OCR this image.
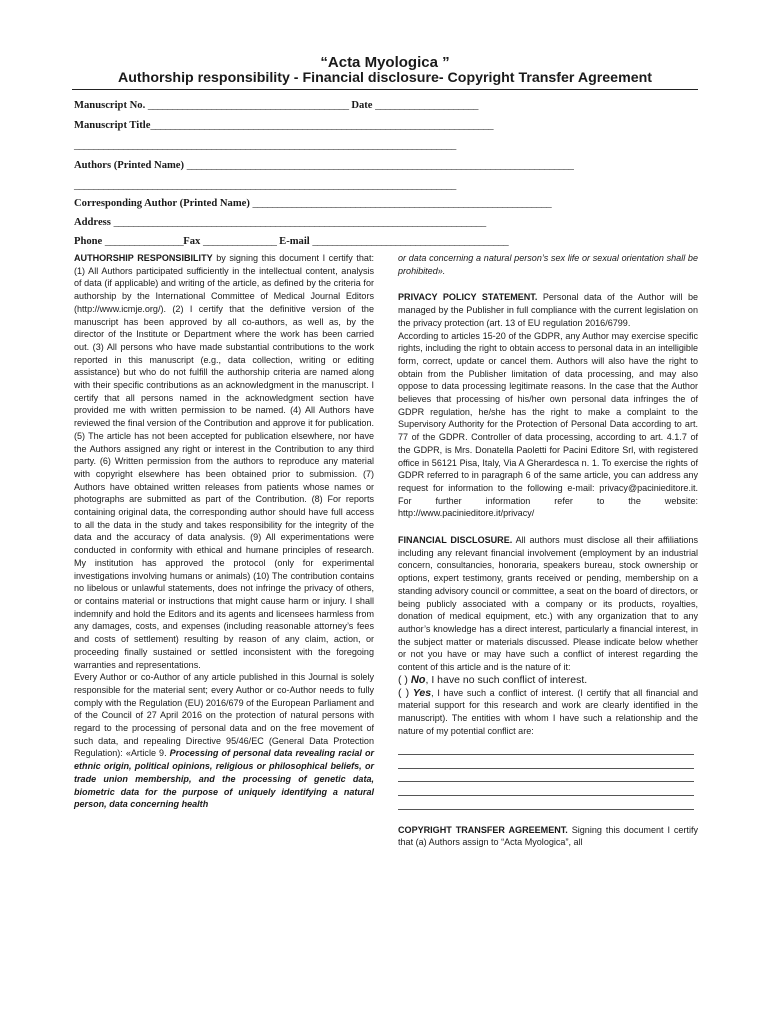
“Acta Myologica ”
Authorship responsibility - Financial disclosure- Copyright Transfer Agreement
Manuscript No. _________________________________________ Date _____________________
Manuscript Title______________________________________________________________________
______________________________________________________________________________
Authors (Printed Name) _______________________________________________________________________________
______________________________________________________________________________
Corresponding Author (Printed Name) _____________________________________________________________
Address ____________________________________________________________________________
Phone ________________Fax _______________ E-mail ________________________________________

AUTHORSHIP RESPONSIBILITY by signing this document I certify that: (1) All Authors participated sufficiently in the intellectual content, analysis of data (if applicable) and writing of the article, as defined by the criteria for authorship by the International Committee of Medical Journal Editors (http://www.icmje.org/). (2) I certify that the definitive version of the manuscript has been approved by all co-authors, as well as, by the director of the Institute or Department where the work has been carried out. (3) All persons who have made substantial contributions to the work reported in this manuscript (e.g., data collection, writing or editing assistance) but who do not fulfill the authorship criteria are named along with their specific contributions as an acknowledgment in the manuscript. I certify that all persons named in the acknowledgment section have provided me with written permission to be named. (4) All Authors have reviewed the final version of the Contribution and approve it for publication. (5) The article has not been accepted for publication elsewhere, nor have the Authors assigned any right or interest in the Contribution to any third party. (6) Written permission from the authors to reproduce any material with copyright elsewhere has been obtained prior to submission. (7) Authors have obtained written releases from patients whose names or photographs are submitted as part of the Contribution. (8) For reports containing original data, the corresponding author should have full access to all the data in the study and takes responsibility for the integrity of the data and the accuracy of data analysis. (9) All experimentations were conducted in conformity with ethical and humane principles of research. My institution has approved the protocol (only for experimental investigations involving humans or animals) (10) The contribution contains no libelous or unlawful statements, does not infringe the privacy of others, or contains material or instructions that might cause harm or injury. I shall indemnify and hold the Editors and its agents and licensees harmless from any damages, costs, and expenses (including reasonable attorney’s fees and costs of settlement) resulting by reason of any claim, action, or proceeding finally sustained or settled inconsistent with the foregoing warranties and representations.

Every Author or co-Author of any article published in this Journal is solely responsible for the material sent; every Author or co-Author needs to fully comply with the Regulation (EU) 2016/679 of the European Parliament and of the Council of 27 April 2016 on the protection of natural persons with regard to the processing of personal data and on the free movement of such data, and repealing Directive 95/46/EC (General Data Protection Regulation): «Article 9. Processing of personal data revealing racial or ethnic origin, political opinions, religious or philosophical beliefs, or trade union membership, and the processing of genetic data, biometric data for the purpose of uniquely identifying a natural person, data concerning health

or data concerning a natural person’s sex life or sexual orientation shall be prohibited».

PRIVACY POLICY STATEMENT. Personal data of the Author will be managed by the Publisher in full compliance with the current legislation on the privacy protection (art. 13 of EU regulation 2016/6799.

According to articles 15-20 of the GDPR, any Author may exercise specific rights, including the right to obtain access to personal data in an intelligible form, correct, update or cancel them. Authors will also have the right to obtain from the Publisher limitation of data processing, and may also oppose to data processing legitimate reasons. In the case that the Author believes that processing of his/her own personal data infringes the of GDPR regulation, he/she has the right to make a complaint to the Supervisory Authority for the Protection of Personal Data according to art. 77 of the GDPR. Controller of data processing, according to art. 4.1.7 of the GDPR, is Mrs. Donatella Paoletti for Pacini Editore Srl, with registered office in 56121 Pisa, Italy, Via A Gherardesca n. 1. To exercise the rights of GDPR referred to in paragraph 6 of the same article, you can address any request for information to the following e-mail: privacy@pacinieditore.it. For further information refer to the website: http://www.pacinieditore.it/privacy/

FINANCIAL DISCLOSURE. All authors must disclose all their affiliations including any relevant financial involvement (employment by an industrial concern, consultancies, honoraria, speakers bureau, stock ownership or options, expert testimony, grants received or pending, membership on a standing advisory council or committee, a seat on the board of directors, or being publicly associated with a company or its products, royalties, donation of medical equipment, etc.) with any organization that to any author’s knowledge has a direct interest, particularly a financial interest, in the subject matter or materials discussed. Please indicate below whether or not you have or may have such a conflict of interest regarding the content of this article and is the nature of it:

( ) No, I have no such conflict of interest.

( ) Yes, I have such a conflict of interest. (I certify that all financial and material support for this research and work are clearly identified in the manuscript). The entities with whom I have such a relationship and the nature of my potential conflict are:

COPYRIGHT TRANSFER AGREEMENT. Signing this document I certify that (a) Authors assign to “Acta Myologica”, all
